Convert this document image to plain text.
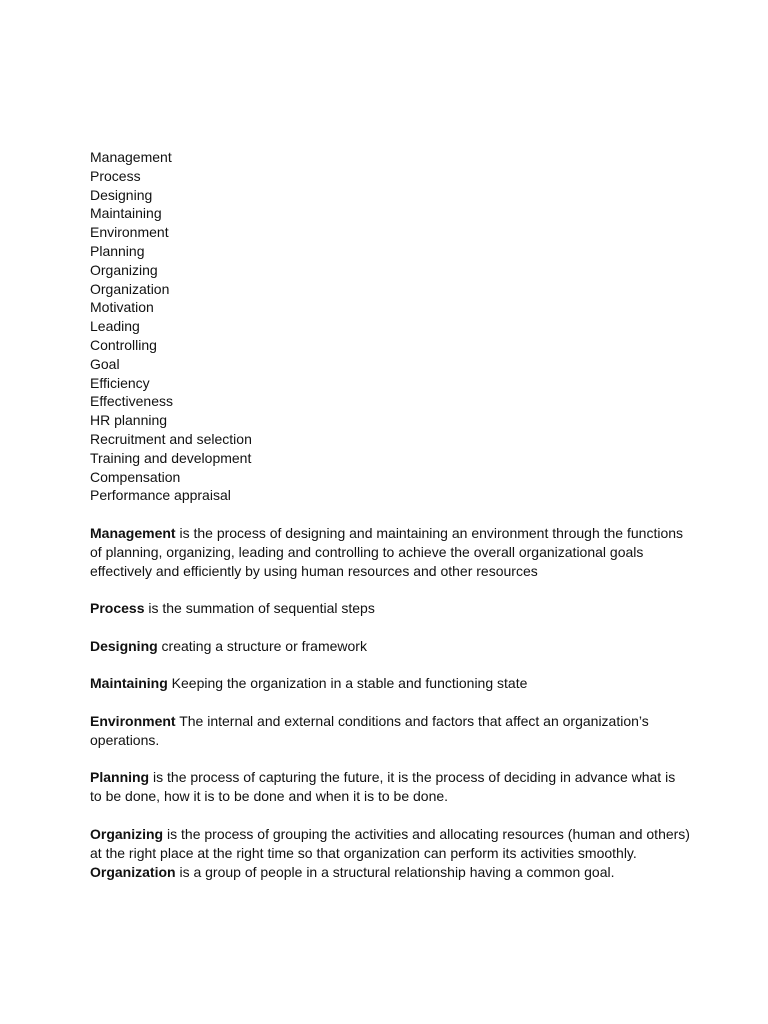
Management
Process
Designing
Maintaining
Environment
Planning
Organizing
Organization
Motivation
Leading
Controlling
Goal
Efficiency
Effectiveness
HR planning
Recruitment and selection
Training and development
Compensation
Performance appraisal

Management is the process of designing and maintaining an environment through the functions of planning, organizing, leading and controlling to achieve the overall organizational goals effectively and efficiently by using human resources and other resources

Process is the summation of sequential steps

Designing creating a structure or framework

Maintaining Keeping the organization in a stable and functioning state

Environment The internal and external conditions and factors that affect an organization’s operations.

Planning is the process of capturing the future, it is the process of deciding in advance what is to be done, how it is to be done and when it is to be done.

Organizing is the process of grouping the activities and allocating resources (human and others) at the right place at the right time so that organization can perform its activities smoothly.

Organization is a group of people in a structural relationship having a common goal.
